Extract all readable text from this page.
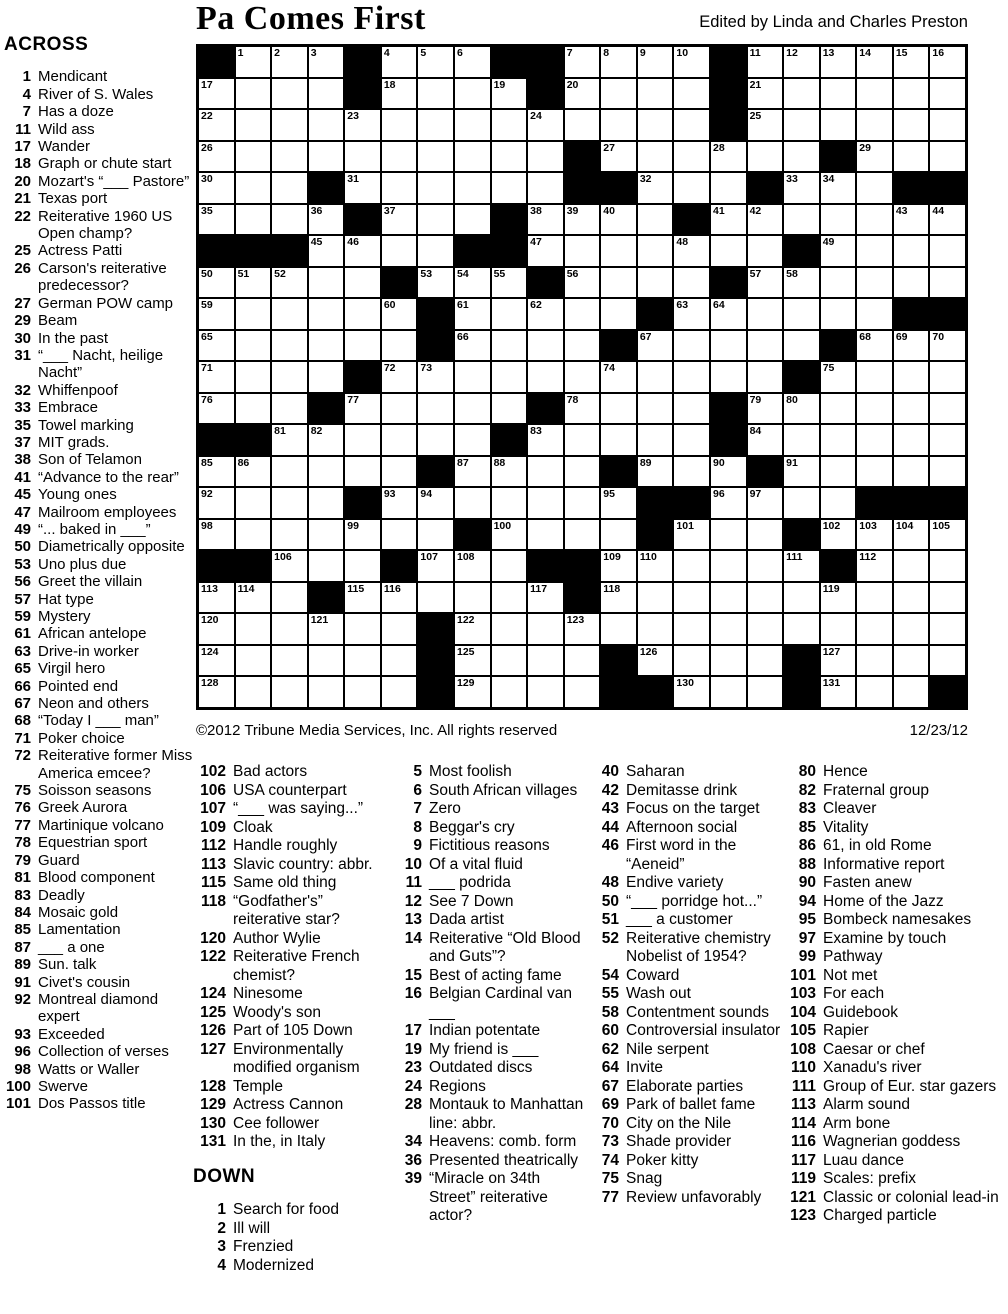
Pa Comes First	Edited by Linda and Charles Preston
1	2	3	4	5	6	7	8	9	10	11 12 13 14 15 16
17	18	19	20	21
22	23	24	25
26	27	28	29
30	31	32	33 34
35	36	37	38 39 40	41 42	43 44
45 46	47	48	49
50 51 52	53 54 55	56	57 58
59	60	61	62	63 64
65	66	67	68 69 70
71	72 73	74	75
76	77	78	79 80
81 82	83	84
85 86	87 88	89	90	91
92	93 94	95	96 97
98	99	100	101	102 103 104 105
106	107 108	109 110	111	112
113 114	115 116	117	118	119
120	121	122	123
124	125	126	127
128	129	130	131
©2012 Tribune Media Services, Inc. All rights reserved	12/23/12
ACROSS
1 Mendicant
4 River of S. Wales
7 Has a doze
11 Wild ass
17 Wander
18 Graph or chute start
20 Mozart's “___ Pastore”
21 Texas port
22 Reiterative 1960 US Open champ?
25 Actress Patti
26 Carson's reiterative predecessor?
27 German POW camp
29 Beam
30 In the past
31 “___ Nacht, heilige Nacht”
32 Whiffenpoof
33 Embrace
35 Towel marking
37 MIT grads.
38 Son of Telamon
41 “Advance to the rear”
45 Young ones
47 Mailroom employees
49 “... baked in ___”
50 Diametrically opposite
53 Uno plus due
56 Greet the villain
57 Hat type
59 Mystery
61 African antelope
63 Drive-in worker
65 Virgil hero
66 Pointed end
67 Neon and others
68 “Today I ___ man”
71 Poker choice
72 Reiterative former Miss America emcee?
75 Soisson seasons
76 Greek Aurora
77 Martinique volcano
78 Equestrian sport
79 Guard
81 Blood component
83 Deadly
84 Mosaic gold
85 Lamentation
87 ___ a one
89 Sun. talk
91 Civet's cousin
92 Montreal diamond expert
93 Exceeded
96 Collection of verses
98 Watts or Waller
100 Swerve
101 Dos Passos title
102 Bad actors
106 USA counterpart
107 “___ was saying...”
109 Cloak
112 Handle roughly
113 Slavic country: abbr.
115 Same old thing
118 “Godfather's” reiterative star?
120 Author Wylie
122 Reiterative French chemist?
124 Ninesome
125 Woody's son
126 Part of 105 Down
127 Environmentally modified organism
128 Temple
129 Actress Cannon
130 Cee follower
131 In the, in Italy
DOWN
1 Search for food
2 Ill will
3 Frenzied
4 Modernized
5 Most foolish
6 South African villages
7 Zero
8 Beggar's cry
9 Fictitious reasons
10 Of a vital fluid
11 ___ podrida
12 See 7 Down
13 Dada artist
14 Reiterative “Old Blood and Guts”?
15 Best of acting fame
16 Belgian Cardinal van ___
17 Indian potentate
19 My friend is ___
23 Outdated discs
24 Regions
28 Montauk to Manhattan line: abbr.
34 Heavens: comb. form
36 Presented theatrically
39 “Miracle on 34th Street” reiterative actor?
40 Saharan
42 Demitasse drink
43 Focus on the target
44 Afternoon social
46 First word in the “Aeneid”
48 Endive variety
50 “___ porridge hot...”
51 ___ a customer
52 Reiterative chemistry Nobelist of 1954?
54 Coward
55 Wash out
58 Contentment sounds
60 Controversial insulator
62 Nile serpent
64 Invite
67 Elaborate parties
69 Park of ballet fame
70 City on the Nile
73 Shade provider
74 Poker kitty
75 Snag
77 Review unfavorably
80 Hence
82 Fraternal group
83 Cleaver
85 Vitality
86 61, in old Rome
88 Informative report
90 Fasten anew
94 Home of the Jazz
95 Bombeck namesakes
97 Examine by touch
99 Pathway
101 Not met
103 For each
104 Guidebook
105 Rapier
108 Caesar or chef
110 Xanadu's river
111 Group of Eur. star gazers
113 Alarm sound
114 Arm bone
116 Wagnerian goddess
117 Luau dance
119 Scales: prefix
121 Classic or colonial lead-in
123 Charged particle
